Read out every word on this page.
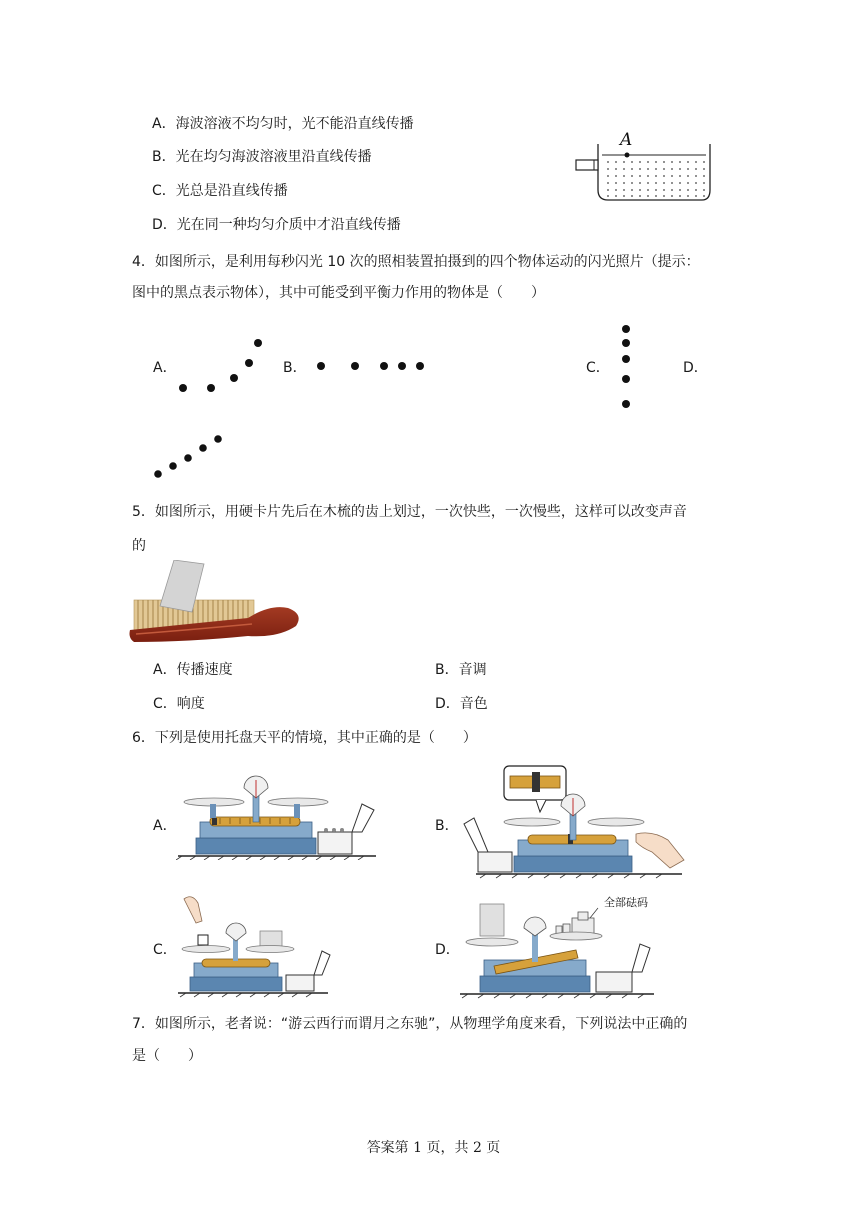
A．海波溶液不均匀时，光不能沿直线传播
B．光在均匀海波溶液里沿直线传播
C．光总是沿直线传播
D．光在同一种均匀介质中才沿直线传播
A
4．如图所示，是利用每秒闪光 10 次的照相装置拍摄到的四个物体运动的闪光照片（提示：
图中的黑点表示物体），其中可能受到平衡力作用的物体是（　　）
A．	B．	C．	D．
5．如图所示，用硬卡片先后在木梳的齿上划过，一次快些，一次慢些，这样可以改变声音
的
A．传播速度	B．音调
C．响度	D．音色
6．下列是使用托盘天平的情境，其中正确的是（　　）
A．	B．
C．	D．
全部砝码
7．如图所示，老者说：“游云西行而谓月之东驰”，从物理学角度来看，下列说法中正确的
是（　　）
答案第 1 页，共 2 页
